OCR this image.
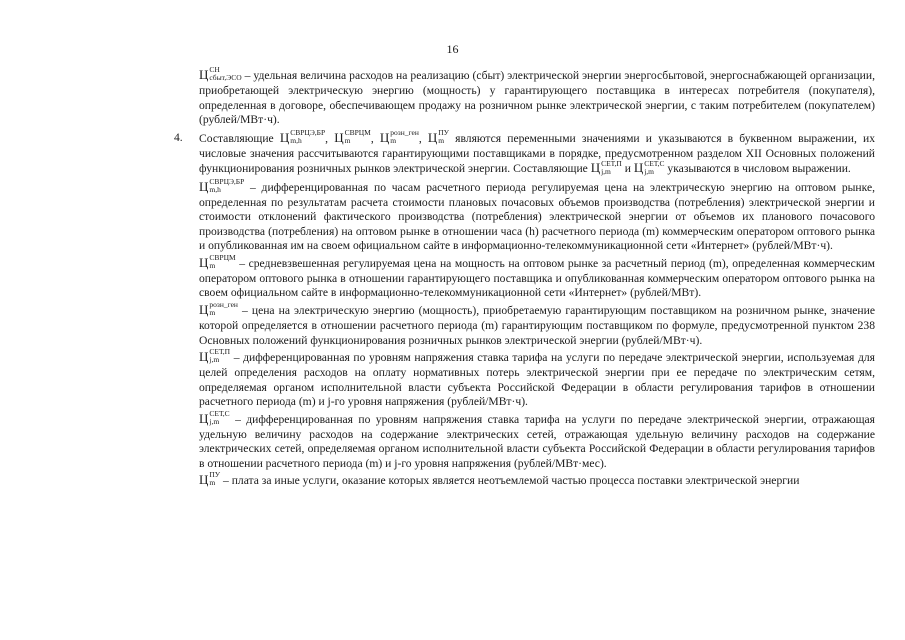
16

Ц СН
сбыт,ЭСО – удельная величина расходов на реализацию (сбыт) электрической энергии энергосбытовой, энергоснабжающей организации, приобретающей электрическую энергию (мощность) у гарантирующего поставщика в интересах потребителя (покупателя), определенная в договоре, обеспечивающем продажу на розничном рынке электрической энергии, с таким потребителем (покупателем) (рублей/МВт·ч).

4. Составляющие Ц СВРЦЭ,БР
m,h	, Ц СВРЦМ
m	, Ц розн_ген
m	, Ц ПУ
m являются переменными значениями и указываются в буквенном выражении, их числовые значения рассчитываются гарантирующими поставщиками в порядке, предусмотренном разделом XII Основных положений функционирования розничных рынков электрической энергии. Составляющие Ц СЕТ,П
j,m и Ц СЕТ,С
j,m указываются в числовом выражении.

Ц СВРЦЭ,БР
m,h	– дифференцированная по часам расчетного периода регулируемая цена на электрическую энергию на оптовом рынке, определенная по результатам расчета стоимости плановых почасовых объемов производства (потребления) электрической энергии и стоимости отклонений фактического производства (потребления) электрической энергии от объемов их планового почасового производства (потребления) на оптовом рынке в отношении часа (h) расчетного периода (m) коммерческим оператором оптового рынка и опубликованная им на своем официальном сайте в информационно-телекоммуникационной сети «Интернет» (рублей/МВт·ч).

Ц СВРЦМ
m	– средневзвешенная регулируемая цена на мощность на оптовом рынке за расчетный период (m), определенная коммерческим оператором оптового рынка в отношении гарантирующего поставщика и опубликованная коммерческим оператором оптового рынка на своем официальном сайте в информационно-телекоммуникационной сети «Интернет» (рублей/МВт).

Ц розн_ген
m	– цена на электрическую энергию (мощность), приобретаемую гарантирующим поставщиком на розничном рынке, значение которой определяется в отношении расчетного периода (m) гарантирующим поставщиком по формуле, предусмотренной пунктом 238 Основных положений функционирования розничных рынков электрической энергии (рублей/МВт·ч).

Ц СЕТ,П
j,m – дифференцированная по уровням напряжения ставка тарифа на услуги по передаче электрической энергии, используемая для целей определения расходов на оплату нормативных потерь электрической энергии при ее передаче по электрическим сетям, определяемая органом исполнительной власти субъекта Российской Федерации в области регулирования тарифов в отношении расчетного периода (m) и j-го уровня напряжения (рублей/МВт·ч).

Ц СЕТ,С
j,m – дифференцированная по уровням напряжения ставка тарифа на услуги по передаче электрической энергии, отражающая удельную величину расходов на содержание электрических сетей, отражающая удельную величину расходов на содержание электрических сетей, определяемая органом исполнительной власти субъекта Российской Федерации в области регулирования тарифов в отношении расчетного периода (m) и j-го уровня напряжения (рублей/МВт·мес).

Ц ПУ
m – плата за иные услуги, оказание которых является неотъемлемой частью процесса поставки электрической энергии
